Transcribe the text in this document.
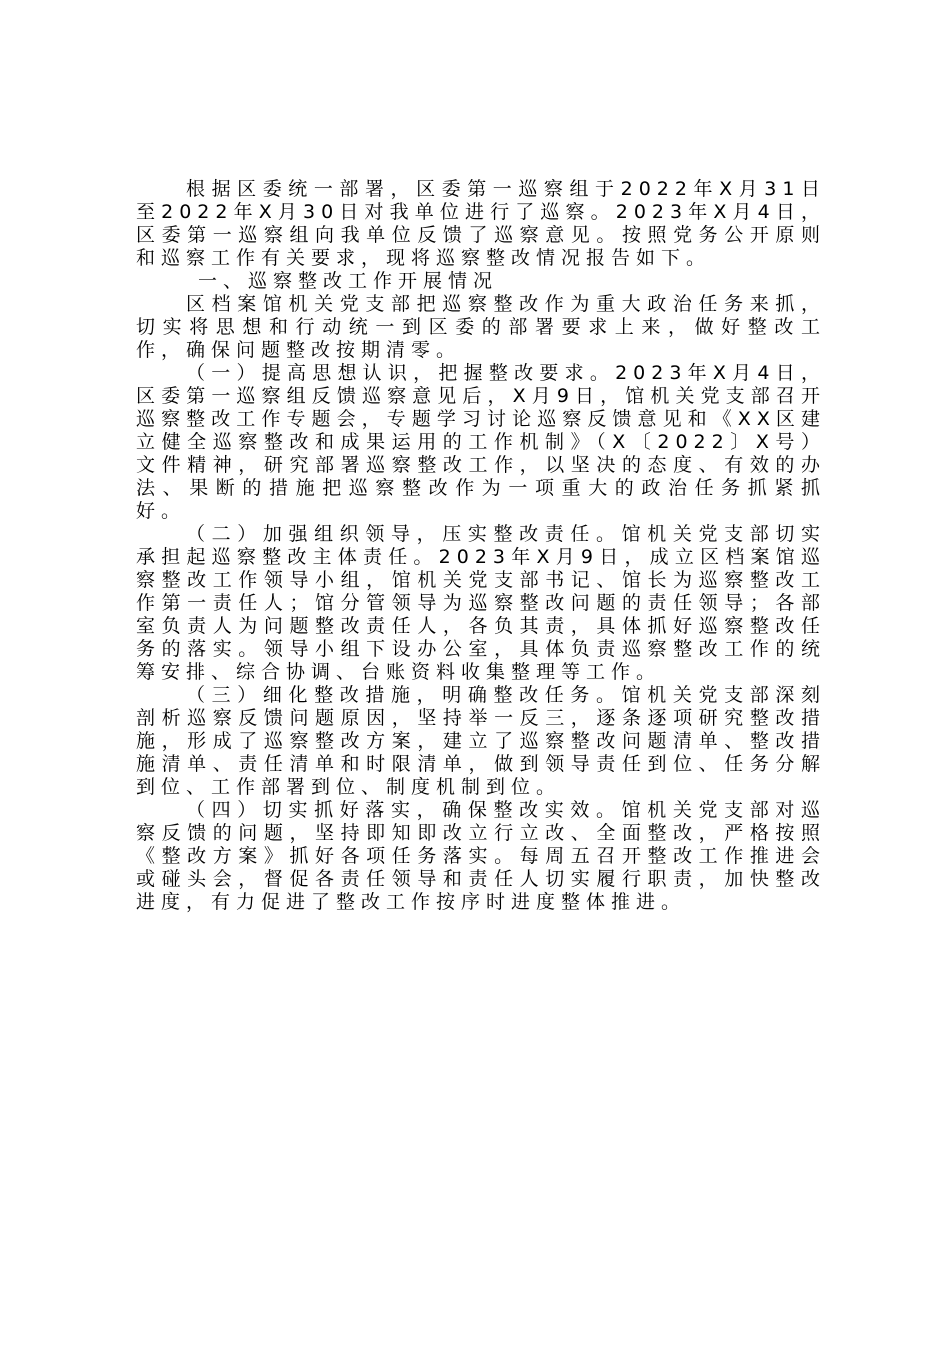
根据区委统一部署，区委第一巡察组于2022年X月31日至2022年X月30日对我单位进行了巡察。2023年X月4日，区委第一巡察组向我单位反馈了巡察意见。按照党务公开原则和巡察工作有关要求，现将巡察整改情况报告如下。

一、巡察整改工作开展情况

区档案馆机关党支部把巡察整改作为重大政治任务来抓，切实将思想和行动统一到区委的部署要求上来，做好整改工作，确保问题整改按期清零。

（一）提高思想认识，把握整改要求。2023年X月4日，区委第一巡察组反馈巡察意见后，X月9日，馆机关党支部召开巡察整改工作专题会，专题学习讨论巡察反馈意见和《XX区建立健全巡察整改和成果运用的工作机制》（X〔2022〕X号）文件精神，研究部署巡察整改工作，以坚决的态度、有效的办法、果断的措施把巡察整改作为一项重大的政治任务抓紧抓好。

（二）加强组织领导，压实整改责任。馆机关党支部切实承担起巡察整改主体责任。2023年X月9日，成立区档案馆巡察整改工作领导小组，馆机关党支部书记、馆长为巡察整改工作第一责任人；馆分管领导为巡察整改问题的责任领导；各部室负责人为问题整改责任人，各负其责，具体抓好巡察整改任务的落实。领导小组下设办公室，具体负责巡察整改工作的统筹安排、综合协调、台账资料收集整理等工作。

（三）细化整改措施，明确整改任务。馆机关党支部深刻剖析巡察反馈问题原因，坚持举一反三，逐条逐项研究整改措施，形成了巡察整改方案，建立了巡察整改问题清单、整改措施清单、责任清单和时限清单，做到领导责任到位、任务分解到位、工作部署到位、制度机制到位。

（四）切实抓好落实，确保整改实效。馆机关党支部对巡察反馈的问题，坚持即知即改立行立改、全面整改，严格按照《整改方案》抓好各项任务落实。每周五召开整改工作推进会或碰头会，督促各责任领导和责任人切实履行职责，加快整改进度，有力促进了整改工作按序时进度整体推进。
